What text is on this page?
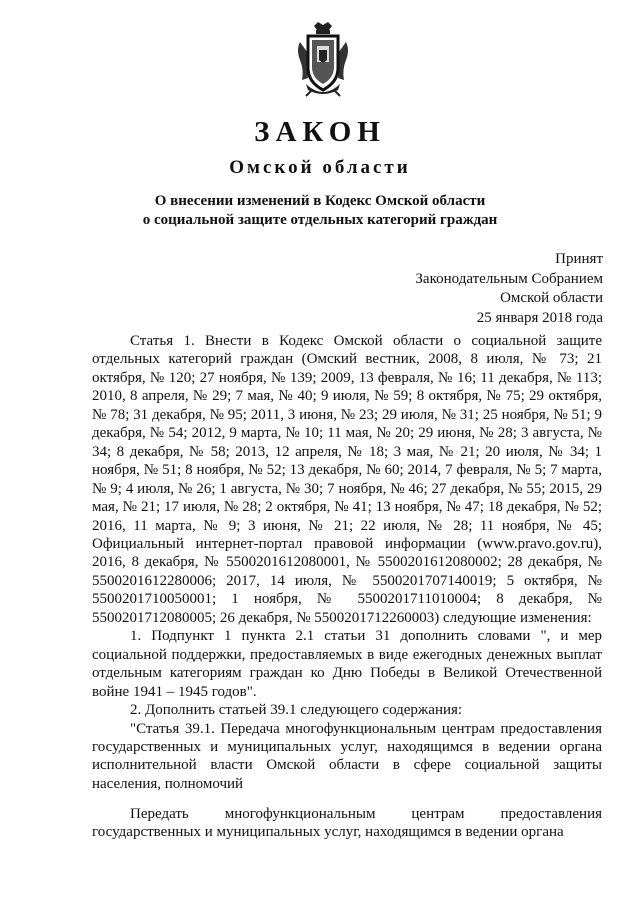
ЗАКОН
Омской области
О внесении изменений в Кодекс Омской области
о социальной защите отдельных категорий граждан
Принят
Законодательным Собранием
Омской области
25 января 2018 года

Статья 1. Внести в Кодекс Омской области о социальной защите отдельных категорий граждан (Омский вестник, 2008, 8 июля, № 73; 21 октября, № 120; 27 ноября, № 139; 2009, 13 февраля, № 16; 11 декабря, № 113; 2010, 8 апреля, № 29; 7 мая, № 40; 9 июля, № 59; 8 октября, № 75; 29 октября, № 78; 31 декабря, № 95; 2011, 3 июня, № 23; 29 июля, № 31; 25 ноября, № 51; 9 декабря, № 54; 2012, 9 марта, № 10; 11 мая, № 20; 29 июня, № 28; 3 августа, № 34; 8 декабря, № 58; 2013, 12 апреля, № 18; 3 мая, № 21; 20 июля, № 34; 1 ноября, № 51; 8 ноября, № 52; 13 декабря, № 60; 2014, 7 февраля, № 5; 7 марта, № 9; 4 июля, № 26; 1 августа, № 30; 7 ноября, № 46; 27 декабря, № 55; 2015, 29 мая, № 21; 17 июля, № 28; 2 октября, № 41; 13 ноября, № 47; 18 декабря, № 52; 2016, 11 марта, № 9; 3 июня, № 21; 22 июля, № 28; 11 ноября, № 45; Официальный интернет-портал правовой информации (www.pravo.gov.ru), 2016, 8 декабря, № 5500201612080001, № 5500201612080002; 28 декабря, № 5500201612280006; 2017, 14 июля, № 5500201707140019; 5 октября, № 5500201710050001; 1 ноября, № 5500201711010004; 8 декабря, № 5500201712080005; 26 декабря, № 5500201712260003) следующие изменения:

1. Подпункт 1 пункта 2.1 статьи 31 дополнить словами ", и мер социальной поддержки, предоставляемых в виде ежегодных денежных выплат отдельным категориям граждан ко Дню Победы в Великой Отечественной войне 1941 – 1945 годов".

2. Дополнить статьей 39.1 следующего содержания:

"Статья 39.1. Передача многофункциональным центрам предоставления государственных и муниципальных услуг, находящимся в ведении органа исполнительной власти Омской области в сфере социальной защиты населения, полномочий

Передать многофункциональным центрам предоставления государственных и муниципальных услуг, находящимся в ведении органа
